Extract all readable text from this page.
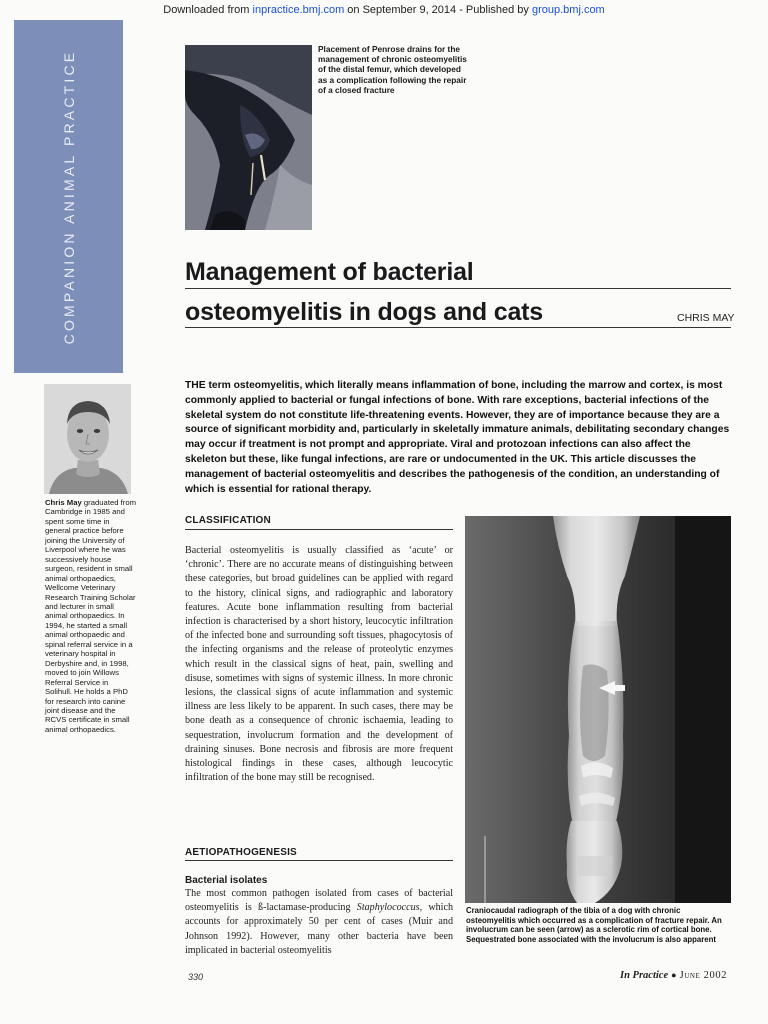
Downloaded from inpractice.bmj.com on September 9, 2014 - Published by group.bmj.com
COMPANION ANIMAL PRACTICE
Placement of Penrose drains for the management of chronic osteomyelitis of the distal femur, which developed as a complication following the repair of a closed fracture
Management of bacterial
osteomyelitis in dogs and cats	CHRIS MAY
THE term osteomyelitis, which literally means inflammation of bone, including the marrow and cortex, is most commonly applied to bacterial or fungal infections of bone. With rare exceptions, bacterial infections of the skeletal system do not constitute life-threatening events. However, they are of importance because they are a source of significant morbidity and, particularly in skeletally immature animals, debilitating secondary changes may occur if treatment is not prompt and appropriate. Viral and protozoan infections can also affect the skeleton but these, like fungal infections, are rare or undocumented in the UK. This article discusses the management of bacterial osteomyelitis and describes the pathogenesis of the condition, an understanding of which is essential for rational therapy.
Chris May graduated from Cambridge in 1985 and spent some time in general practice before joining the University of Liverpool where he was successively house surgeon, resident in small animal orthopaedics, Wellcome Veterinary Research Training Scholar and lecturer in small animal orthopaedics. In 1994, he started a small animal orthopaedic and spinal referral service in a veterinary hospital in Derbyshire and, in 1998, moved to join Willows Referral Service in Solihull. He holds a PhD for research into canine joint disease and the RCVS certificate in small animal orthopaedics.
CLASSIFICATION
Bacterial osteomyelitis is usually classified as ‘acute’ or ‘chronic’. There are no accurate means of distinguishing between these categories, but broad guidelines can be applied with regard to the history, clinical signs, and radiographic and laboratory features. Acute bone inflammation resulting from bacterial infection is characterised by a short history, leucocytic infiltration of the infected bone and surrounding soft tissues, phagocytosis of the infecting organisms and the release of proteolytic enzymes which result in the classical signs of heat, pain, swelling and disuse, sometimes with signs of systemic illness. In more chronic lesions, the classical signs of acute inflammation and systemic illness are less likely to be apparent. In such cases, there may be bone death as a consequence of chronic ischaemia, leading to sequestration, involucrum formation and the development of draining sinuses. Bone necrosis and fibrosis are more frequent histological findings in these cases, although leucocytic infiltration of the bone may still be recognised.
AETIOPATHOGENESIS
Bacterial isolates
The most common pathogen isolated from cases of bacterial osteomyelitis is ß-lactamase-producing Staphylococcus, which accounts for approximately 50 per cent of cases (Muir and Johnson 1992). However, many other bacteria have been implicated in bacterial osteomyelitis
Craniocaudal radiograph of the tibia of a dog with chronic osteomyelitis which occurred as a complication of fracture repair. An involucrum can be seen (arrow) as a sclerotic rim of cortical bone. Sequestrated bone associated with the involucrum is also apparent
330	In Practice ● June 2002
